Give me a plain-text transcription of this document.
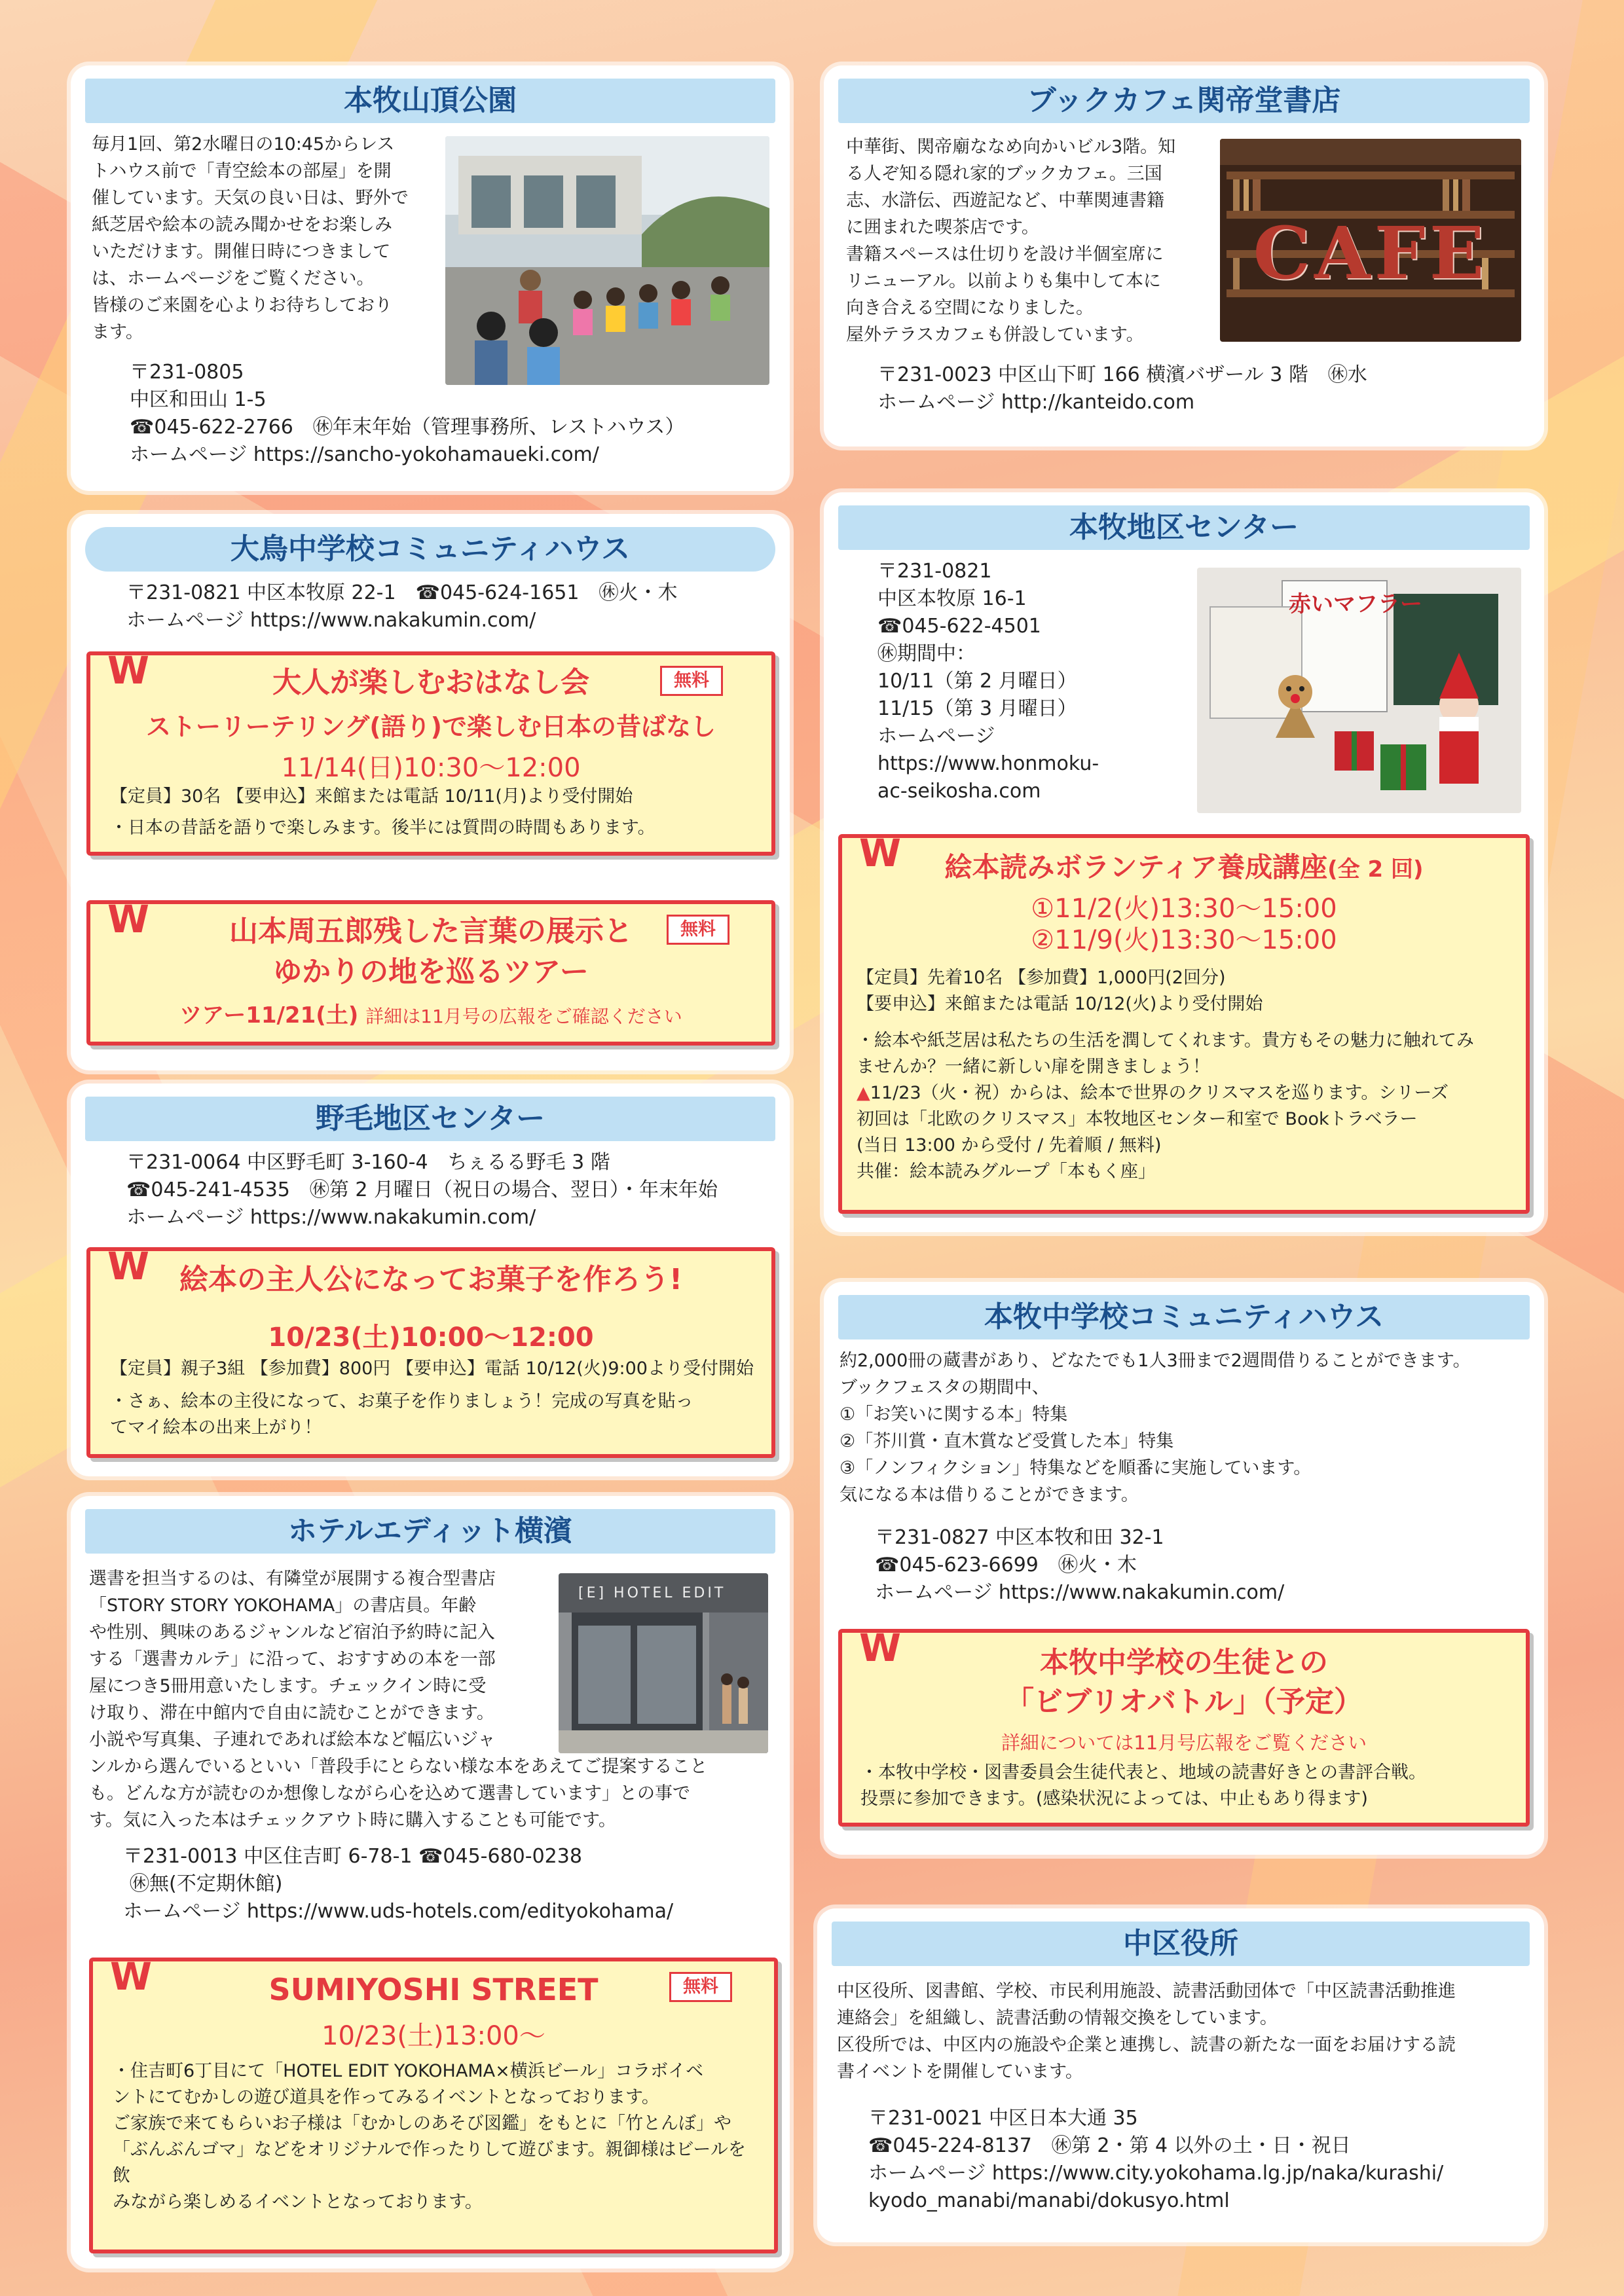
本牧山頂公園
毎月1回、第2水曜日の10:45からレス
トハウス前で「青空絵本の部屋」を開
催しています。天気の良い日は、野外で
紙芝居や絵本の読み聞かせをお楽しみ
いただけます。開催日時につきまして
は、ホームページをご覧ください。
皆様のご来園を心よりお待ちしており
ます。
〒231-0805
中区和田山 1-5
☎045-622-2766　㊡年末年始（管理事務所、レストハウス）
ホームページ https://sancho-yokohamaueki.com/
大鳥中学校コミュニティハウス
〒231-0821 中区本牧原 22-1　☎045-624-1651　㊡火・木
ホームページ https://www.nakakumin.com/
W	無料
大人が楽しむおはなし会
ストーリーテリング(語り)で楽しむ日本の昔ばなし
11/14(日)10:30〜12:00
【定員】30名 【要申込】来館または電話 10/11(月)より受付開始
・日本の昔話を語りで楽しみます。後半には質問の時間もあります。
W	無料
山本周五郎残した言葉の展示と
ゆかりの地を巡るツアー
ツアー11/21(土) 詳細は11月号の広報をご確認ください
野毛地区センター
〒231-0064 中区野毛町 3-160-4　ちぇるる野毛 3 階
☎045-241-4535　㊡第 2 月曜日（祝日の場合、翌日）・年末年始
ホームページ https://www.nakakumin.com/
W	絵本の主人公になってお菓子を作ろう!
10/23(土)10:00〜12:00
【定員】親子3組 【参加費】800円 【要申込】電話 10/12(火)9:00より受付開始
・さぁ、絵本の主役になって、お菓子を作りましょう！完成の写真を貼っ
てマイ絵本の出来上がり！
ホテルエディット横濱
選書を担当するのは、有隣堂が展開する複合型書店
「STORY STORY YOKOHAMA」の書店員。年齢
や性別、興味のあるジャンルなど宿泊予約時に記入
する「選書カルテ」に沿って、おすすめの本を一部
屋につき5冊用意いたします。チェックイン時に受
け取り、滞在中館内で自由に読むことができます。
小説や写真集、子連れであれば絵本など幅広いジャ
ンルから選んでいるといい「普段手にとらない様な本をあえてご提案すること
も。どんな方が読むのか想像しながら心を込めて選書しています」との事で
す。気に入った本はチェックアウト時に購入することも可能です。
[E] HOTEL EDIT
〒231-0013 中区住吉町 6-78-1 ☎045-680-0238
㊡無(不定期休館)
ホームページ https://www.uds-hotels.com/edityokohama/
W	無料
SUMIYOSHI STREET
10/23(土)13:00〜
・住吉町6丁目にて「HOTEL EDIT YOKOHAMA×横浜ビール」コラボイベ
ントにてむかしの遊び道具を作ってみるイベントとなっております。
ご家族で来てもらいお子様は「むかしのあそび図鑑」をもとに「竹とんぼ」や
「ぶんぶんゴマ」などをオリジナルで作ったりして遊びます。親御様はビールを飲
みながら楽しめるイベントとなっております。
ブックカフェ関帝堂書店
中華街、関帝廟ななめ向かいビル3階。知
る人ぞ知る隠れ家的ブックカフェ。三国
志、水滸伝、西遊記など、中華関連書籍
に囲まれた喫茶店です。
書籍スペースは仕切りを設け半個室席に
リニューアル。以前よりも集中して本に
向き合える空間になりました。
屋外テラスカフェも併設しています。
CAFE
〒231-0023 中区山下町 166 横濱バザール 3 階　㊡水
ホームページ http://kanteido.com
本牧地区センター
〒231-0821
中区本牧原 16-1
☎045-622-4501
㊡期間中：
10/11（第 2 月曜日）
11/15（第 3 月曜日）
ホームページ
https://www.honmoku-
ac-seikosha.com
赤いマフラー
W	絵本読みボランティア養成講座(全 2 回)
①11/2(火)13:30〜15:00
②11/9(火)13:30〜15:00
【定員】先着10名 【参加費】1,000円(2回分)
【要申込】来館または電話 10/12(火)より受付開始
・絵本や紙芝居は私たちの生活を潤してくれます。貴方もその魅力に触れてみ
ませんか？一緒に新しい扉を開きましょう！
▲11/23（火・祝）からは、絵本で世界のクリスマスを巡ります。シリーズ
初回は「北欧のクリスマス」本牧地区センター和室で Bookトラベラー
(当日 13:00 から受付 / 先着順 / 無料)
共催：絵本読みグループ「本もく座」
本牧中学校コミュニティハウス
約2,000冊の蔵書があり、どなたでも1人3冊まで2週間借りることができます。
ブックフェスタの期間中、
①「お笑いに関する本」特集
②「芥川賞・直木賞など受賞した本」特集
③「ノンフィクション」特集などを順番に実施しています。
気になる本は借りることができます。
〒231-0827 中区本牧和田 32-1
☎045-623-6699　㊡火・木
ホームページ https://www.nakakumin.com/
W	本牧中学校の生徒との
「ビブリオバトル」（予定）
詳細については11月号広報をご覧ください
・本牧中学校・図書委員会生徒代表と、地域の読書好きとの書評合戦。
投票に参加できます。(感染状況によっては、中止もあり得ます)
中区役所
中区役所、図書館、学校、市民利用施設、読書活動団体で「中区読書活動推進
連絡会」を組織し、読書活動の情報交換をしています。
区役所では、中区内の施設や企業と連携し、読書の新たな一面をお届けする読
書イベントを開催しています。
〒231-0021 中区日本大通 35
☎045-224-8137　㊡第 2・第 4 以外の土・日・祝日
ホームページ https://www.city.yokohama.lg.jp/naka/kurashi/
kyodo_manabi/manabi/dokusyo.html
